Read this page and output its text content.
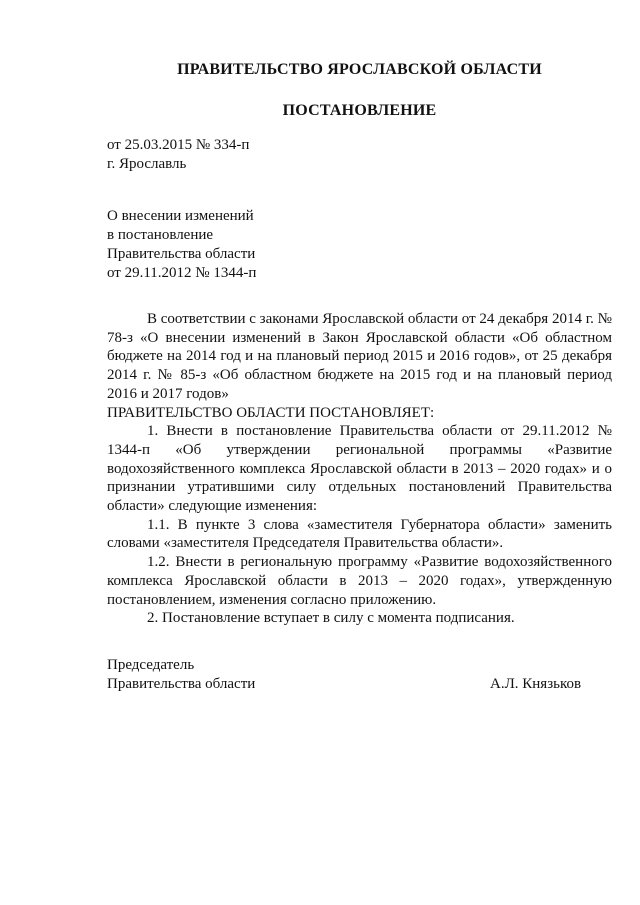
ПРАВИТЕЛЬСТВО ЯРОСЛАВСКОЙ ОБЛАСТИ
ПОСТАНОВЛЕНИЕ
от 25.03.2015 № 334-п
г. Ярославль
О внесении изменений
в постановление
Правительства области
от 29.11.2012 № 1344-п

В соответствии с законами Ярославской области от 24 декабря 2014 г. № 78-з «О внесении изменений в Закон Ярославской области «Об областном бюджете на 2014 год и на плановый период 2015 и 2016 годов», от 25 декабря 2014 г. № 85-з «Об областном бюджете на 2015 год и на плановый период 2016 и 2017 годов»

ПРАВИТЕЛЬСТВО ОБЛАСТИ ПОСТАНОВЛЯЕТ:

1. Внести в постановление Правительства области от 29.11.2012 № 1344-п «Об утверждении региональной программы «Развитие водохозяйственного комплекса Ярославской области в 2013 – 2020 годах» и о признании утратившими силу отдельных постановлений Правительства области» следующие изменения:

1.1. В пункте 3 слова «заместителя Губернатора области» заменить словами «заместителя Председателя Правительства области».

1.2. Внести в региональную программу «Развитие водохозяйственного комплекса Ярославской области в 2013 – 2020 годах», утвержденную постановлением, изменения согласно приложению.

2. Постановление вступает в силу с момента подписания.

Председатель
Правительства области	А.Л. Князьков
